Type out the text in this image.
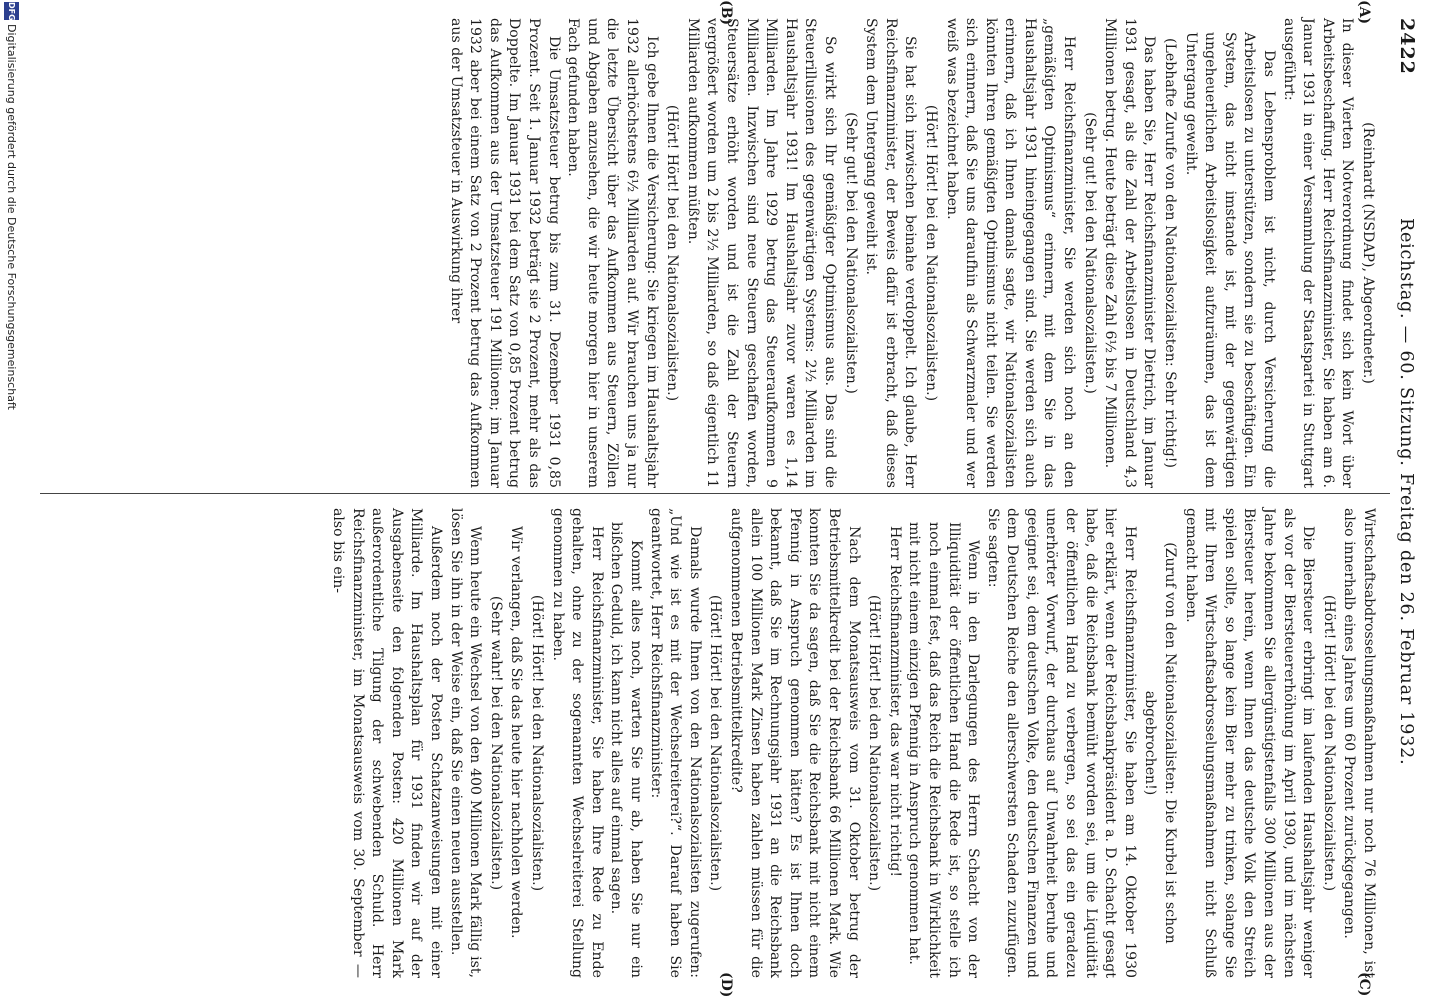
2422
Reichstag. — 60. Sitzung. Freitag den 26. Februar 1932.
(A)
(B)
(C)
(D)

(Reinhardt (NSDAP), Abgeordneter.)

In dieser Vierten Notverordnung findet sich kein Wort über Arbeitsbeschaffung. Herr Reichsfinanzminister, Sie haben am 6. Januar 1931 in einer Versammlung der Staatspartei in Stuttgart ausgeführt:

Das Lebensproblem ist nicht, durch Versicherung die Arbeitslosen zu unterstützen, sondern sie zu beschäftigen. Ein System, das nicht imstande ist, mit der gegenwärtigen ungeheuerlichen Arbeitslosigkeit aufzuräumen, das ist dem Untergang geweiht.

(Lebhafte Zurufe von den Nationalsozialisten: Sehr richtig!)

Das haben Sie, Herr Reichsfinanzminister Dietrich, im Januar 1931 gesagt, als die Zahl der Arbeitslosen in Deutschland 4,3 Millionen betrug. Heute beträgt diese Zahl 6½ bis 7 Millionen.

(Sehr gut! bei den Nationalsozialisten.)

Herr Reichsfinanzminister, Sie werden sich noch an den „gemäßigten Optimismus“ erinnern, mit dem Sie in das Haushaltsjahr 1931 hineingegangen sind. Sie werden sich auch erinnern, daß ich Ihnen damals sagte, wir Nationalsozialisten könnten Ihren gemäßigten Optimismus nicht teilen. Sie werden sich erinnern, daß Sie uns daraufhin als Schwarzmaler und wer weiß was bezeichnet haben.

(Hört! Hört! bei den Nationalsozialisten.)

Sie hat sich inzwischen beinahe verdoppelt. Ich glaube, Herr Reichsfinanzminister, der Beweis dafür ist erbracht, daß dieses System dem Untergang geweiht ist.

(Sehr gut! bei den Nationalsozialisten.)

So wirkt sich Ihr gemäßigter Optimismus aus. Das sind die Steuerillusionen des gegenwärtigen Systems: 2½ Milliarden im Haushaltsjahr 1931! Im Haushaltsjahr zuvor waren es 1,14 Milliarden. Im Jahre 1929 betrug das Steueraufkommen 9 Milliarden. Inzwischen sind neue Steuern geschaffen worden, Steuersätze erhöht worden und ist die Zahl der Steuern vergrößert worden um 2 bis 2½ Milliarden, so daß eigentlich 11 Milliarden aufkommen müßten.

(Hört! Hört! bei den Nationalsozialisten.)

Ich gebe Ihnen die Versicherung: Sie kriegen im Haushaltsjahr 1932 allerhöchstens 6½ Milliarden auf. Wir brauchen uns ja nur die letzte Übersicht über das Aufkommen aus Steuern, Zöllen und Abgaben anzusehen, die wir heute morgen hier in unserem Fach gefunden haben.

Die Umsatzsteuer betrug bis zum 31. Dezember 1931 0,85 Prozent. Seit 1. Januar 1932 beträgt sie 2 Prozent, mehr als das Doppelte. Im Januar 1931 bei dem Satz von 0,85 Prozent betrug das Aufkommen aus der Umsatzsteuer 191 Millionen; im Januar 1932 aber bei einem Satz von 2 Prozent betrug das Aufkommen aus der Umsatzsteuer in Auswirkung ihrer

Wirtschaftsabdrosselungsmaßnahmen nur noch 76 Millionen, ist also innerhalb eines Jahres um 60 Prozent zurückgegangen.

(Hört! Hört! bei den Nationalsozialisten.)

Die Biersteuer erbringt im laufenden Haushaltsjahr weniger als vor der Biersteuererhöhung im April 1930, und im nächsten Jahre bekommen Sie allergünstigstenfalls 300 Millionen aus der Biersteuer herein, wenn Ihnen das deutsche Volk den Streich spielen sollte, so lange kein Bier mehr zu trinken, solange Sie mit Ihren Wirtschaftsabdrosselungsmaßnahmen nicht Schluß gemacht haben.

(Zuruf von den Nationalsozialisten: Die Kurbel ist schon abgebrochen!)

Herr Reichsfinanzminister, Sie haben am 14. Oktober 1930 hier erklärt, wenn der Reichsbankpräsident a. D. Schacht gesagt habe, daß die Reichsbank bemüht worden sei, um die Liquidität der öffentlichen Hand zu verbergen, so sei das ein geradezu unerhörter Vorwurf, der durchaus auf Unwahrheit beruhe und geeignet sei, dem deutschen Volke, den deutschen Finanzen und dem Deutschen Reiche den allerschwersten Schaden zuzufügen. Sie sagten:

Wenn in den Darlegungen des Herrn Schacht von der Illiquidität der öffentlichen Hand die Rede ist, so stelle ich noch einmal fest, daß das Reich die Reichsbank in Wirklichkeit mit nicht einem einzigen Pfennig in Anspruch genommen hat.

Herr Reichsfinanzminister, das war nicht richtig!

(Hört! Hört! bei den Nationalsozialisten.)

Nach dem Monatsausweis vom 31. Oktober betrug der Betriebsmittelkredit bei der Reichsbank 66 Millionen Mark. Wie konnten Sie da sagen, daß Sie die Reichsbank mit nicht einem Pfennig in Anspruch genommen hätten? Es ist Ihnen doch bekannt, daß Sie im Rechnungsjahr 1931 an die Reichsbank allein 100 Millionen Mark Zinsen haben zahlen müssen für die aufgenommenen Betriebsmittelkredite?

(Hört! Hört! bei den Nationalsozialisten.)

Damals wurde Ihnen von den Nationalsozialisten zugerufen: „Und wie ist es mit der Wechselreiterei?“. Darauf haben Sie geantwortet, Herr Reichsfinanzminister:

Kommt alles noch, warten Sie nur ab, haben Sie nur ein bißchen Geduld, ich kann nicht alles auf einmal sagen.

Herr Reichsfinanzminister, Sie haben Ihre Rede zu Ende gehalten, ohne zu der sogenannten Wechselreiterei Stellung genommen zu haben.

(Hört! Hört! bei den Nationalsozialisten.)

Wir verlangen, daß Sie das heute hier nachholen werden.

(Sehr wahr! bei den Nationalsozialisten.)

Wenn heute ein Wechsel von den 400 Millionen Mark fällig ist, lösen Sie ihn in der Weise ein, daß Sie einen neuen ausstellen.

Außerdem noch der Posten Schatzanweisungen mit einer Milliarde. Im Haushaltsplan für 1931 finden wir auf der Ausgabenseite den folgenden Posten: 420 Millionen Mark außerordentliche Tilgung der schwebenden Schuld. Herr Reichsfinanzminister, im Monatsausweis vom 30. September — also bis ein-

DFG
Digitalisierung gefördert durch die Deutsche Forschungsgemeinschaft
